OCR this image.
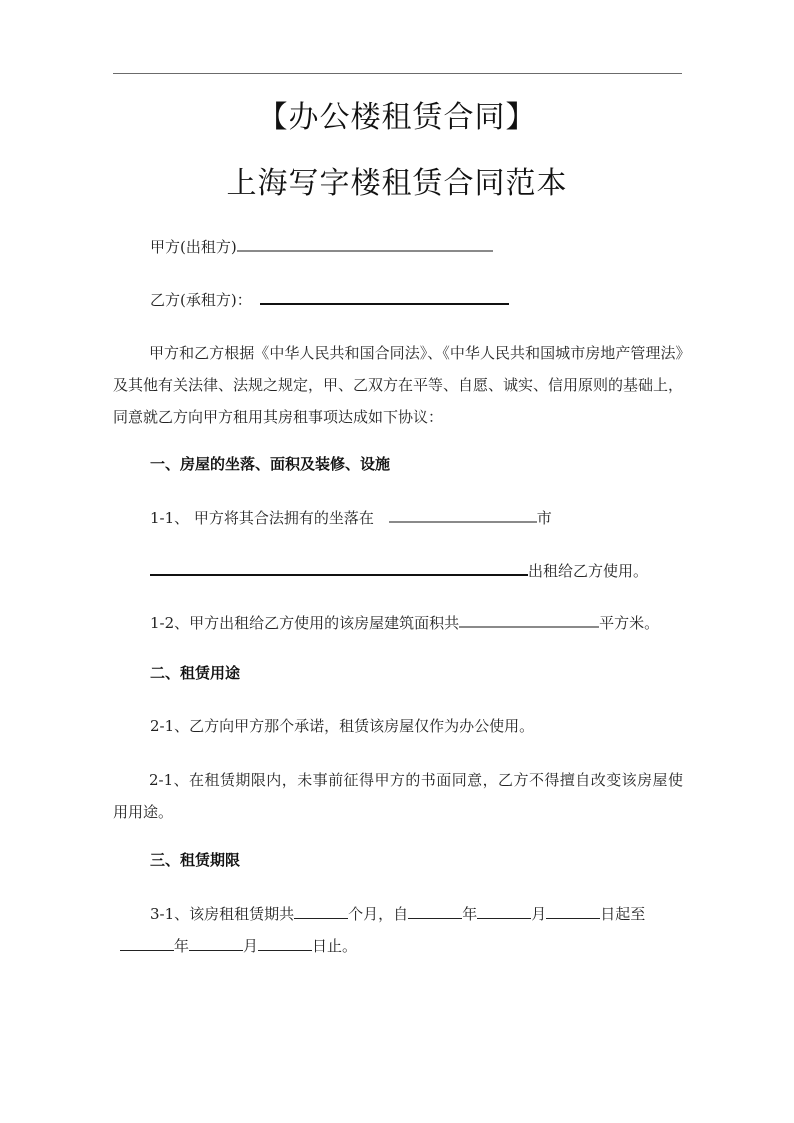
【办公楼租赁合同】
上海写字楼租赁合同范本
甲方(出租方)
乙方(承租方)：
甲方和乙方根据《中华人民共和国合同法》、《中华人民共和国城市房地产管理法》及其他有关法律、法规之规定，甲、乙双方在平等、自愿、诚实、信用原则的基础上，同意就乙方向甲方租用其房租事项达成如下协议：
一、房屋的坐落、面积及装修、设施
1-1、 甲方将其合法拥有的坐落在	市
出租给乙方使用。
1-2、甲方出租给乙方使用的该房屋建筑面积共	平方米。
二、租赁用途
2-1、乙方向甲方那个承诺，租赁该房屋仅作为办公使用。
2-1、在租赁期限内，未事前征得甲方的书面同意，乙方不得擅自改变该房屋使用用途。
三、租赁期限
3-1、该房租租赁期共	个月，自	年	月	日起至
年	月	日止。
